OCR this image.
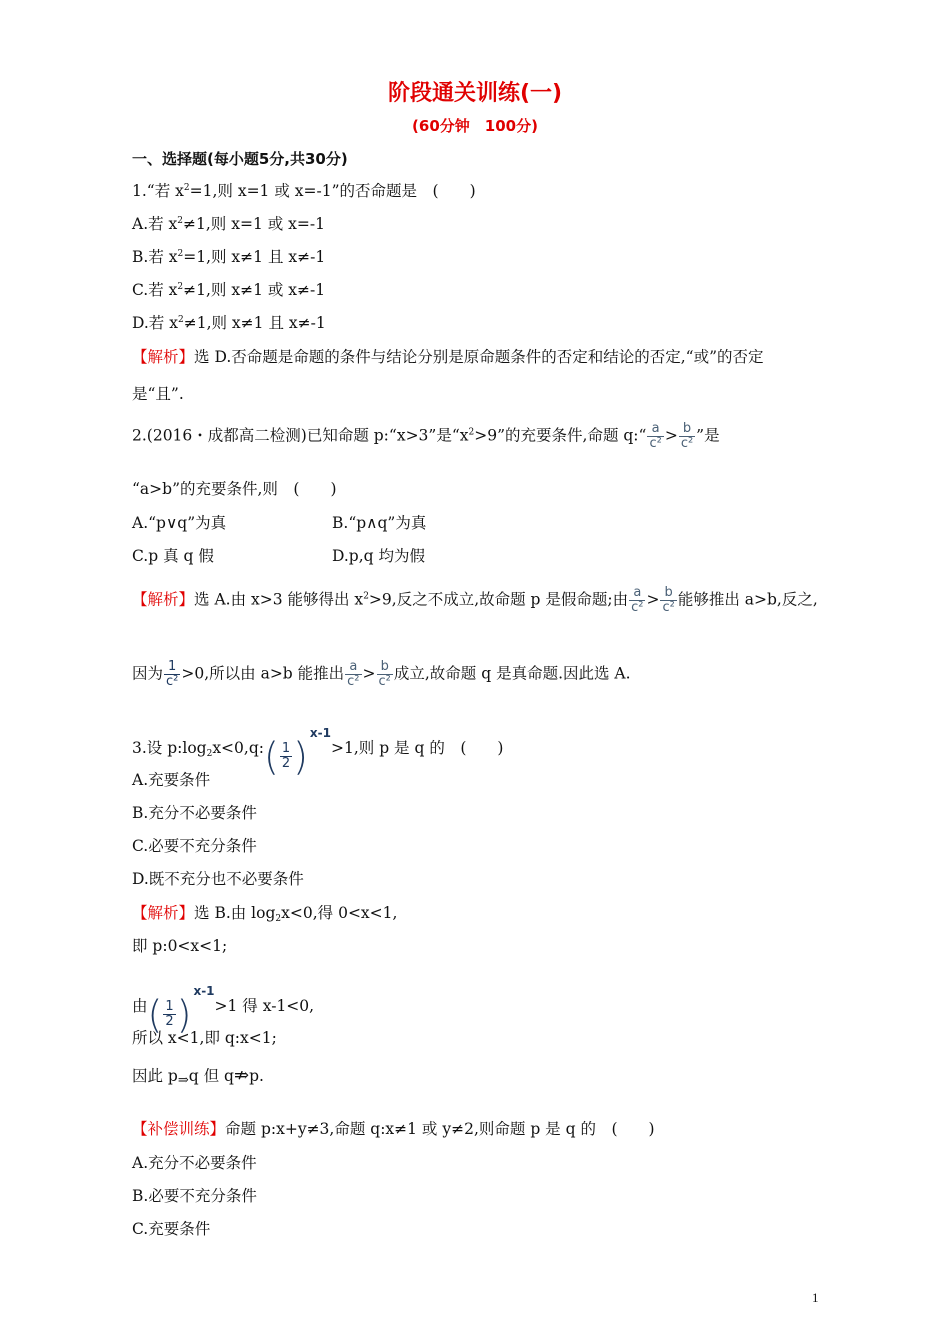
阶段通关训练(一)
(60分钟　100分)
一、选择题(每小题5分,共30分)
1.“若 $x^2=1$,则 x=1 或 x=-1”的否命题是　(　　)
A.若 $x^2\ne 1$,则 x=1 或 x=-1
B.若 $x^2=1$,则 x≠1 且 x≠-1
C.若 $x^2\ne 1$,则 x≠1 或 x≠-1
D.若 $x^2\ne 1$,则 x≠1 且 x≠-1
【解析】选 D.否命题是命题的条件与结论分别是原命题条件的否定和结论的否定,“或”的否定
是“且”.
2.(2016・成都高二检测)已知命题 p:“x>3”是“$x^2>9$”的充要条件,命题 q:“ $\frac{a}{\text{c²}} > \frac{b}{\text{c²}}$ ”是
“a>b”的充要条件,则　(　　)
A.“p∨q”为真	B.“p∧q”为真
C.p 真 q 假	D.p,q 均为假
【解析】选 A.由 x>3 能够得出 $x^2>9$,反之不成立,故命题 p 是假命题;由 $\frac{a}{\text{c²}} > \frac{b}{\text{c²}}$ 能够推出 a>b,反之,
因为 $\frac{1}{\text{c²}} >0$,所以由 a>b 能推出 $\frac{a}{\text{c²}} > \frac{b}{\text{c²}}$ 成立,故命题 q 是真命题.因此选 A.
3.设 $p:\log_2x<0,q:( \frac{1}{2} )^{x-1}>1$,则 p 是 q 的　(　　)
A.充要条件
B.充分不必要条件
C.必要不充分条件
D.既不充分也不必要条件
【解析】选 B.由 $\log_2x<0$,得 0<x<1,
即 p:0<x<1;
由( $\frac{1}{2} )^{x-1}>1$ 得 x-1<0,
所以 x<1,即 q:x<1;
因此 p⇒q 但 q⇏p.
【补偿训练】命题 p:x+y≠3,命题 q:x≠1 或 y≠2,则命题 p 是 q 的　(　　)
A.充分不必要条件
B.必要不充分条件
C.充要条件
1
